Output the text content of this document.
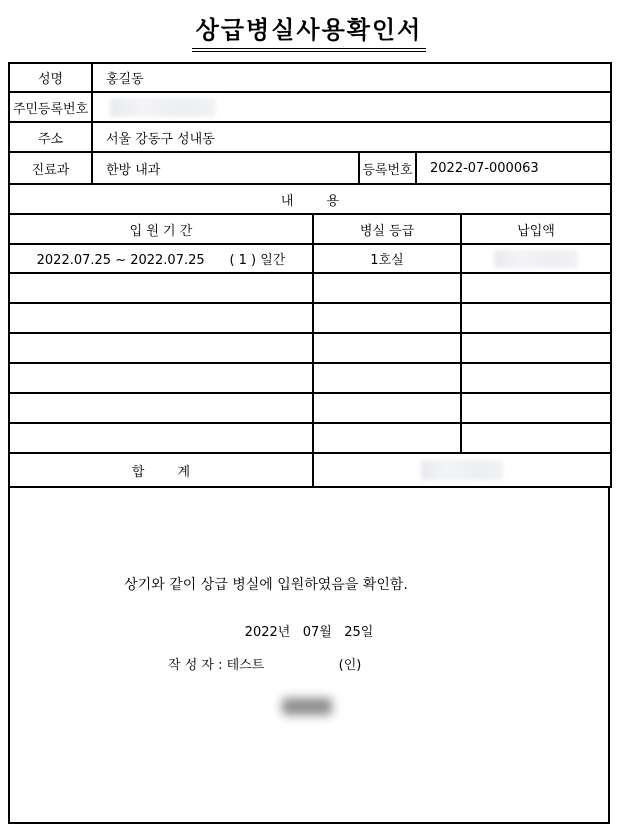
상급병실사용확인서
성명	홍길동		
주민등록번호			

주소	서울 강동구 성내동		
진료과	한방 내과	등록번호	2022-07-000063
내        용			
입 원 기 간	병실 등급	납입액
2022.07.25 ~ 2022.07.25      ( 1 ) 일간	1호실	

합        계		
상기와 같이 상급 병실에 입원하였음을 확인함.
2022년   07월   25일
작 성 자 : 테스트                  (인)
